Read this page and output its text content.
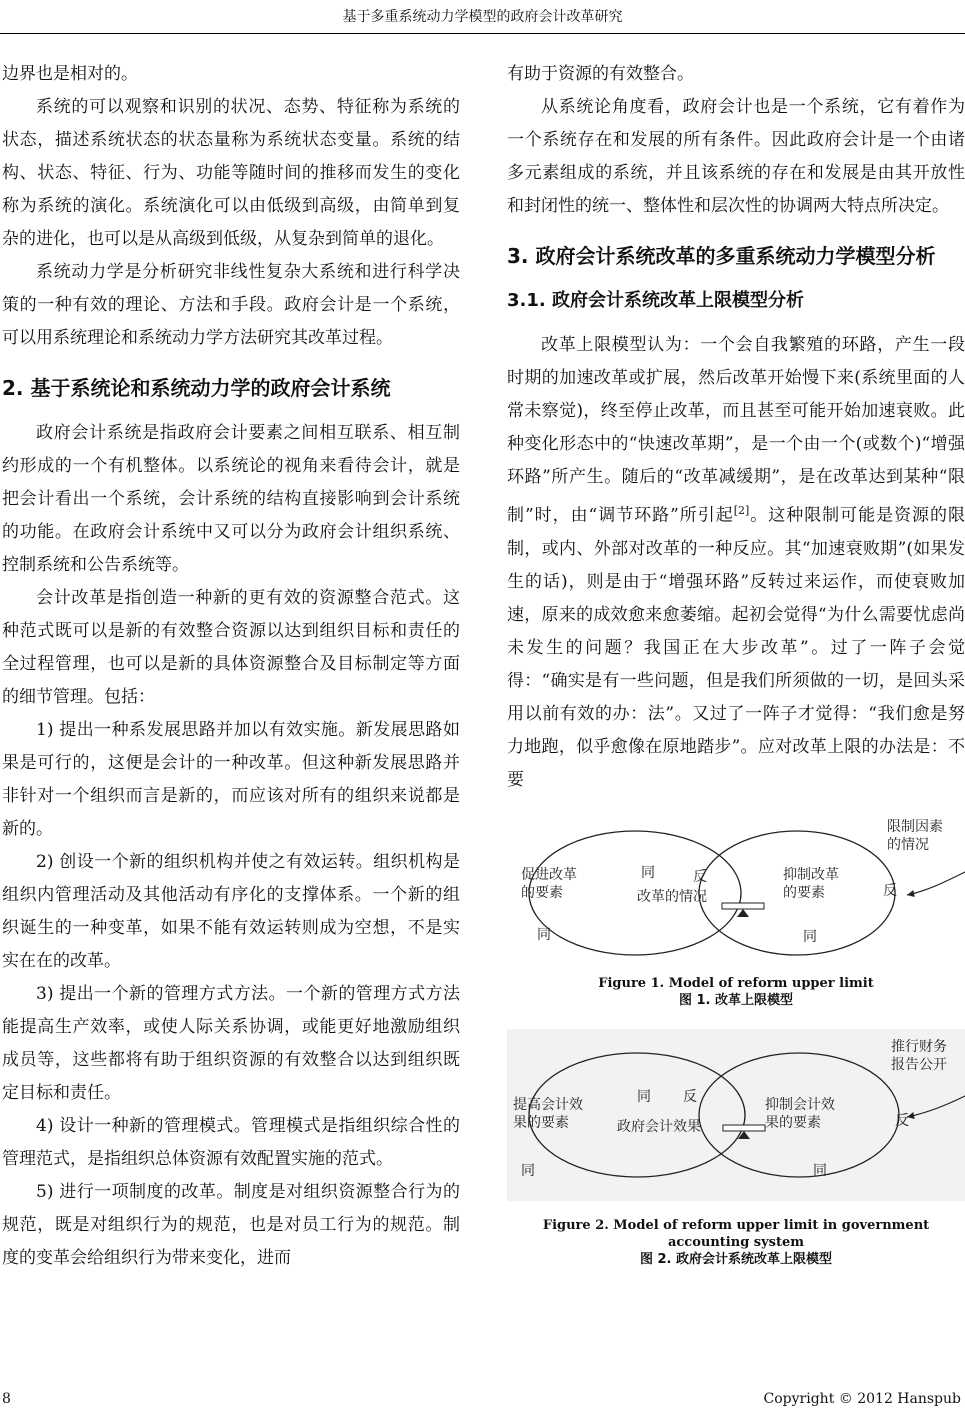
基于多重系统动力学模型的政府会计改革研究

边界也是相对的。

系统的可以观察和识别的状况、态势、特征称为系统的状态，描述系统状态的状态量称为系统状态变量。系统的结构、状态、特征、行为、功能等随时间的推移而发生的变化称为系统的演化。系统演化可以由低级到高级，由简单到复杂的进化，也可以是从高级到低级，从复杂到简单的退化。

系统动力学是分析研究非线性复杂大系统和进行科学决策的一种有效的理论、方法和手段。政府会计是一个系统，可以用系统理论和系统动力学方法研究其改革过程。

2. 基于系统论和系统动力学的政府会计系统

政府会计系统是指政府会计要素之间相互联系、相互制约形成的一个有机整体。以系统论的视角来看待会计，就是把会计看出一个系统，会计系统的结构直接影响到会计系统的功能。在政府会计系统中又可以分为政府会计组织系统、控制系统和公告系统等。

会计改革是指创造一种新的更有效的资源整合范式。这种范式既可以是新的有效整合资源以达到组织目标和责任的全过程管理，也可以是新的具体资源整合及目标制定等方面的细节管理。包括：

1) 提出一种系发展思路并加以有效实施。新发展思路如果是可行的，这便是会计的一种改革。但这种新发展思路并非针对一个组织而言是新的，而应该对所有的组织来说都是新的。

2) 创设一个新的组织机构并使之有效运转。组织机构是组织内管理活动及其他活动有序化的支撑体系。一个新的组织诞生的一种变革，如果不能有效运转则成为空想，不是实实在在的改革。

3) 提出一个新的管理方式方法。一个新的管理方式方法能提高生产效率，或使人际关系协调，或能更好地激励组织成员等，这些都将有助于组织资源的有效整合以达到组织既定目标和责任。

4) 设计一种新的管理模式。管理模式是指组织综合性的管理范式，是指组织总体资源有效配置实施的范式。

5) 进行一项制度的改革。制度是对组织资源整合行为的规范，既是对组织行为的规范，也是对员工行为的规范。制度的变革会给组织行为带来变化，进而

有助于资源的有效整合。

从系统论角度看，政府会计也是一个系统，它有着作为一个系统存在和发展的所有条件。因此政府会计是一个由诸多元素组成的系统，并且该系统的存在和发展是由其开放性和封闭性的统一、整体性和层次性的协调两大特点所决定。

3. 政府会计系统改革的多重系统动力学模型分析
3.1. 政府会计系统改革上限模型分析

改革上限模型认为：一个会自我繁殖的环路，产生一段时期的加速改革或扩展，然后改革开始慢下来(系统里面的人常未察觉)，终至停止改革，而且甚至可能开始加速衰败。此种变化形态中的“快速改革期”，是一个由一个(或数个)“增强环路”所产生。随后的“改革减缓期”，是在改革达到某种“限制”时，由“调节环路”所引起[2]。这种限制可能是资源的限制，或内、外部对改革的一种反应。其“加速衰败期”(如果发生的话)，则是由于“增强环路”反转过来运作，而使衰败加速，原来的成效愈来愈萎缩。起初会觉得“为什么需要忧虑尚未发生的问题？我国正在大步改革”。过了一阵子会觉得：“确实是有一些问题，但是我们所须做的一切，是回头采用以前有效的办：法”。又过了一阵子才觉得：“我们愈是努力地跑，似乎愈像在原地踏步”。应对改革上限的办法是：不要

促进改革
的要素	改革的情况
抑制改革
的要素
限制因素
的情况
同	反
反
同	同
Figure 1. Model of reform upper limit
图 1. 改革上限模型
提高会计效
果的要素	政府会计效果
抑制会计效
果的要素
推行财务
报告公开
同 反
反
同	同
Figure 2. Model of reform upper limit in government
accounting system
图 2. 政府会计系统改革上限模型
8	Copyright © 2012 Hanspub
